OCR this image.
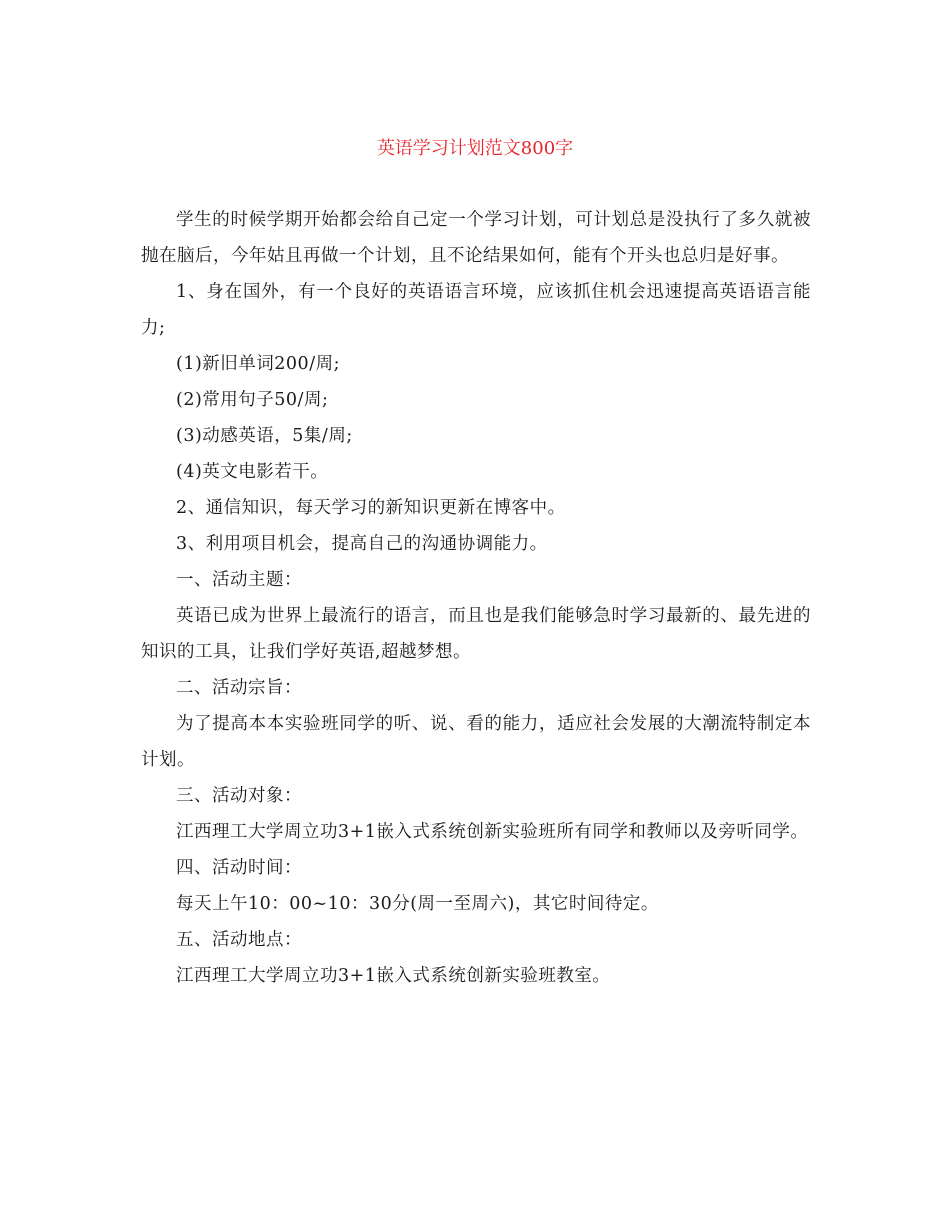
英语学习计划范文800字

学生的时候学期开始都会给自己定一个学习计划，可计划总是没执行了多久就被抛在脑后，今年姑且再做一个计划，且不论结果如何，能有个开头也总归是好事。

1、身在国外，有一个良好的英语语言环境，应该抓住机会迅速提高英语语言能力;

(1)新旧单词200/周;

(2)常用句子50/周;

(3)动感英语，5集/周;

(4)英文电影若干。

2、通信知识，每天学习的新知识更新在博客中。

3、利用项目机会，提高自己的沟通协调能力。

一、活动主题：

英语已成为世界上最流行的语言，而且也是我们能够急时学习最新的、最先进的知识的工具，让我们学好英语,超越梦想。

二、活动宗旨：

为了提高本本实验班同学的听、说、看的能力，适应社会发展的大潮流特制定本计划。

三、活动对象：

江西理工大学周立功3+1嵌入式系统创新实验班所有同学和教师以及旁听同学。

四、活动时间：

每天上午10：00~10：30分(周一至周六)，其它时间待定。

五、活动地点：

江西理工大学周立功3+1嵌入式系统创新实验班教室。
